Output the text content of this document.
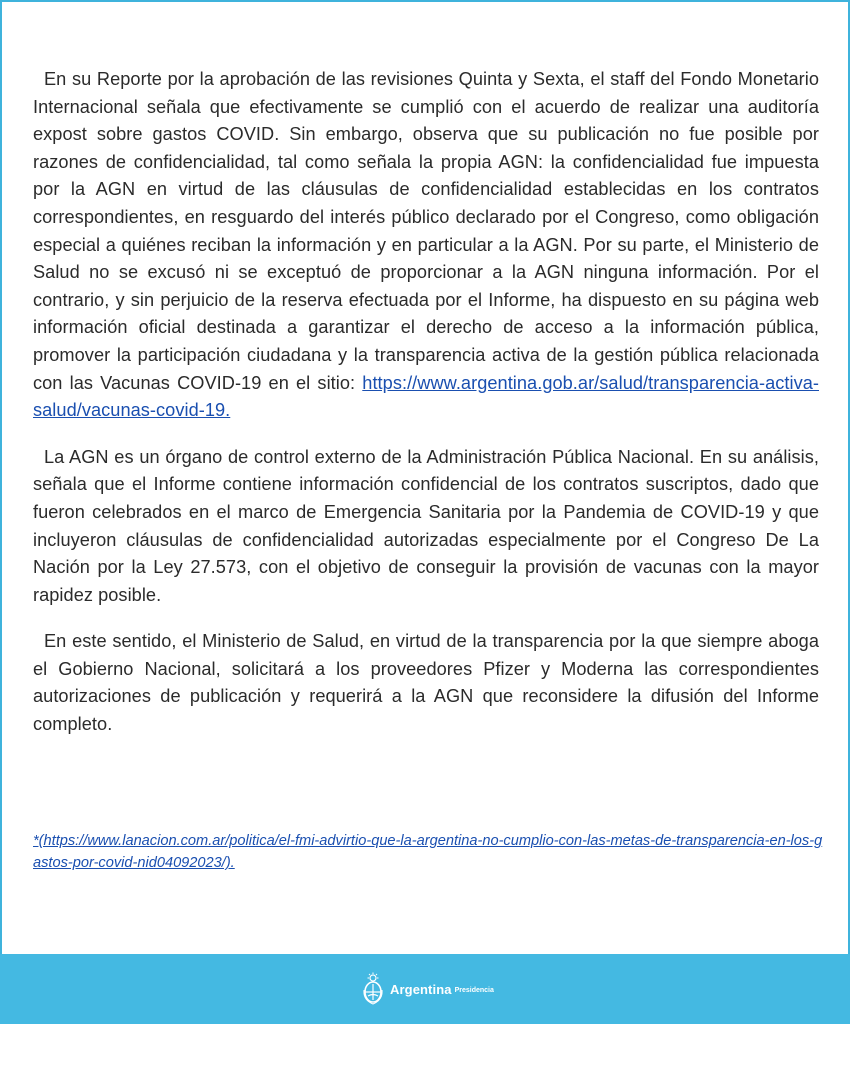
En su Reporte por la aprobación de las revisiones Quinta y Sexta, el staff del Fondo Monetario Internacional señala que efectivamente se cumplió con el acuerdo de realizar una auditoría expost sobre gastos COVID. Sin embargo, observa que su publicación no fue posible por razones de confidencialidad, tal como señala la propia AGN: la confidencialidad fue impuesta por la AGN en virtud de las cláusulas de confidencialidad establecidas en los contratos correspondientes, en resguardo del interés público declarado por el Congreso, como obligación especial a quiénes reciban la información y en particular a la AGN. Por su parte, el Ministerio de Salud no se excusó ni se exceptuó de proporcionar a la AGN ninguna información. Por el contrario, y sin perjuicio de la reserva efectuada por el Informe, ha dispuesto en su página web información oficial destinada a garantizar el derecho de acceso a la información pública, promover la participación ciudadana y la transparencia activa de la gestión pública relacionada con las Vacunas COVID-19 en el sitio: https://www.argentina.gob.ar/salud/transparencia-activa-salud/vacunas-covid-19.

La AGN es un órgano de control externo de la Administración Pública Nacional. En su análisis, señala que el Informe contiene información confidencial de los contratos suscriptos, dado que fueron celebrados en el marco de Emergencia Sanitaria por la Pandemia de COVID-19 y que incluyeron cláusulas de confidencialidad autorizadas especialmente por el Congreso De La Nación por la Ley 27.573, con el objetivo de conseguir la provisión de vacunas con la mayor rapidez posible.

En este sentido, el Ministerio de Salud, en virtud de la transparencia por la que siempre aboga el Gobierno Nacional, solicitará a los proveedores Pfizer y Moderna las correspondientes autorizaciones de publicación y requerirá a la AGN que reconsidere la difusión del Informe completo.

*(https://www.lanacion.com.ar/politica/el-fmi-advirtio-que-la-argentina-no-cumplio-con-las-metas-de-transparencia-en-los-gastos-por-covid-nid04092023/).
Argentina Presidencia
